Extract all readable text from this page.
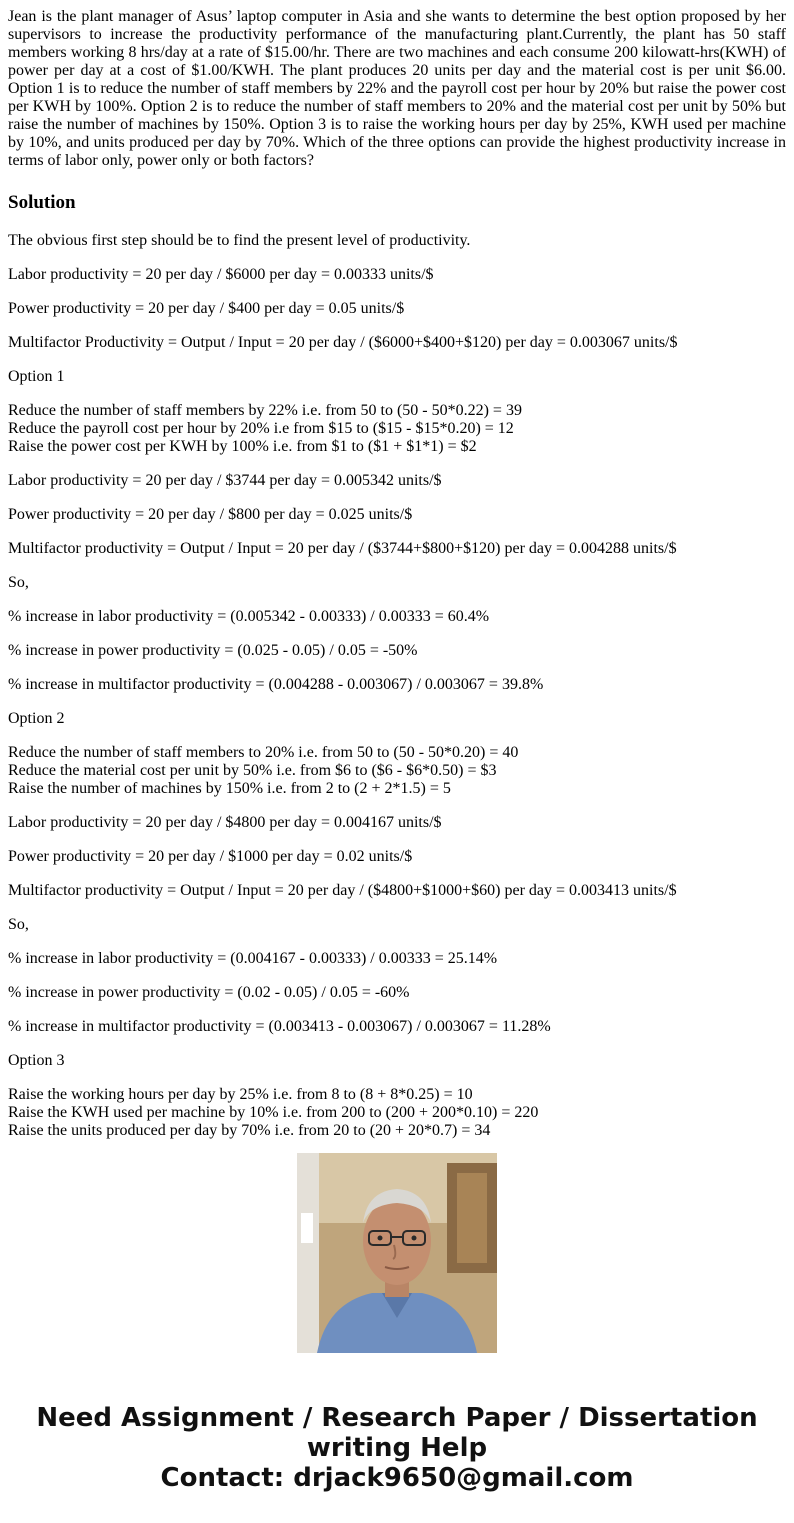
Jean is the plant manager of Asus’ laptop computer in Asia and she wants to determine the best option proposed by her supervisors to increase the productivity performance of the manufacturing plant.Currently, the plant has 50 staff members working 8 hrs/day at a rate of $15.00/hr. There are two machines and each consume 200 kilowatt-hrs(KWH) of power per day at a cost of $1.00/KWH. The plant produces 20 units per day and the material cost is per unit $6.00. Option 1 is to reduce the number of staff members by 22% and the payroll cost per hour by 20% but raise the power cost per KWH by 100%. Option 2 is to reduce the number of staff members to 20% and the material cost per unit by 50% but raise the number of machines by 150%. Option 3 is to raise the working hours per day by 25%, KWH used per machine by 10%, and units produced per day by 70%. Which of the three options can provide the highest productivity increase in terms of labor only, power only or both factors?

Solution

The obvious first step should be to find the present level of productivity.

Labor productivity = 20 per day / $6000 per day = 0.00333 units/$

Power productivity = 20 per day / $400 per day = 0.05 units/$

Multifactor Productivity = Output / Input = 20 per day / ($6000+$400+$120) per day = 0.003067 units/$

Option 1

Reduce the number of staff members by 22% i.e. from 50 to (50 - 50*0.22) = 39
Reduce the payroll cost per hour by 20% i.e from $15 to ($15 - $15*0.20) = 12
Raise the power cost per KWH by 100% i.e. from $1 to ($1 + $1*1) = $2

Labor productivity = 20 per day / $3744 per day = 0.005342 units/$

Power productivity = 20 per day / $800 per day = 0.025 units/$

Multifactor productivity = Output / Input = 20 per day / ($3744+$800+$120) per day = 0.004288 units/$

So,

% increase in labor productivity = (0.005342 - 0.00333) / 0.00333 = 60.4%

% increase in power productivity = (0.025 - 0.05) / 0.05 = -50%

% increase in multifactor productivity = (0.004288 - 0.003067) / 0.003067 = 39.8%

Option 2

Reduce the number of staff members to 20% i.e. from 50 to (50 - 50*0.20) = 40
Reduce the material cost per unit by 50% i.e. from $6 to ($6 - $6*0.50) = $3
Raise the number of machines by 150% i.e. from 2 to (2 + 2*1.5) = 5

Labor productivity = 20 per day / $4800 per day = 0.004167 units/$

Power productivity = 20 per day / $1000 per day = 0.02 units/$

Multifactor productivity = Output / Input = 20 per day / ($4800+$1000+$60) per day = 0.003413 units/$

So,

% increase in labor productivity = (0.004167 - 0.00333) / 0.00333 = 25.14%

% increase in power productivity = (0.02 - 0.05) / 0.05 = -60%

% increase in multifactor productivity = (0.003413 - 0.003067) / 0.003067 = 11.28%

Option 3

Raise the working hours per day by 25% i.e. from 8 to (8 + 8*0.25) = 10
Raise the KWH used per machine by 10% i.e. from 200 to (200 + 200*0.10) = 220
Raise the units produced per day by 70% i.e. from 20 to (20 + 20*0.7) = 34

Need Assignment / Research Paper / Dissertation
writing Help
Contact: drjack9650@gmail.com
